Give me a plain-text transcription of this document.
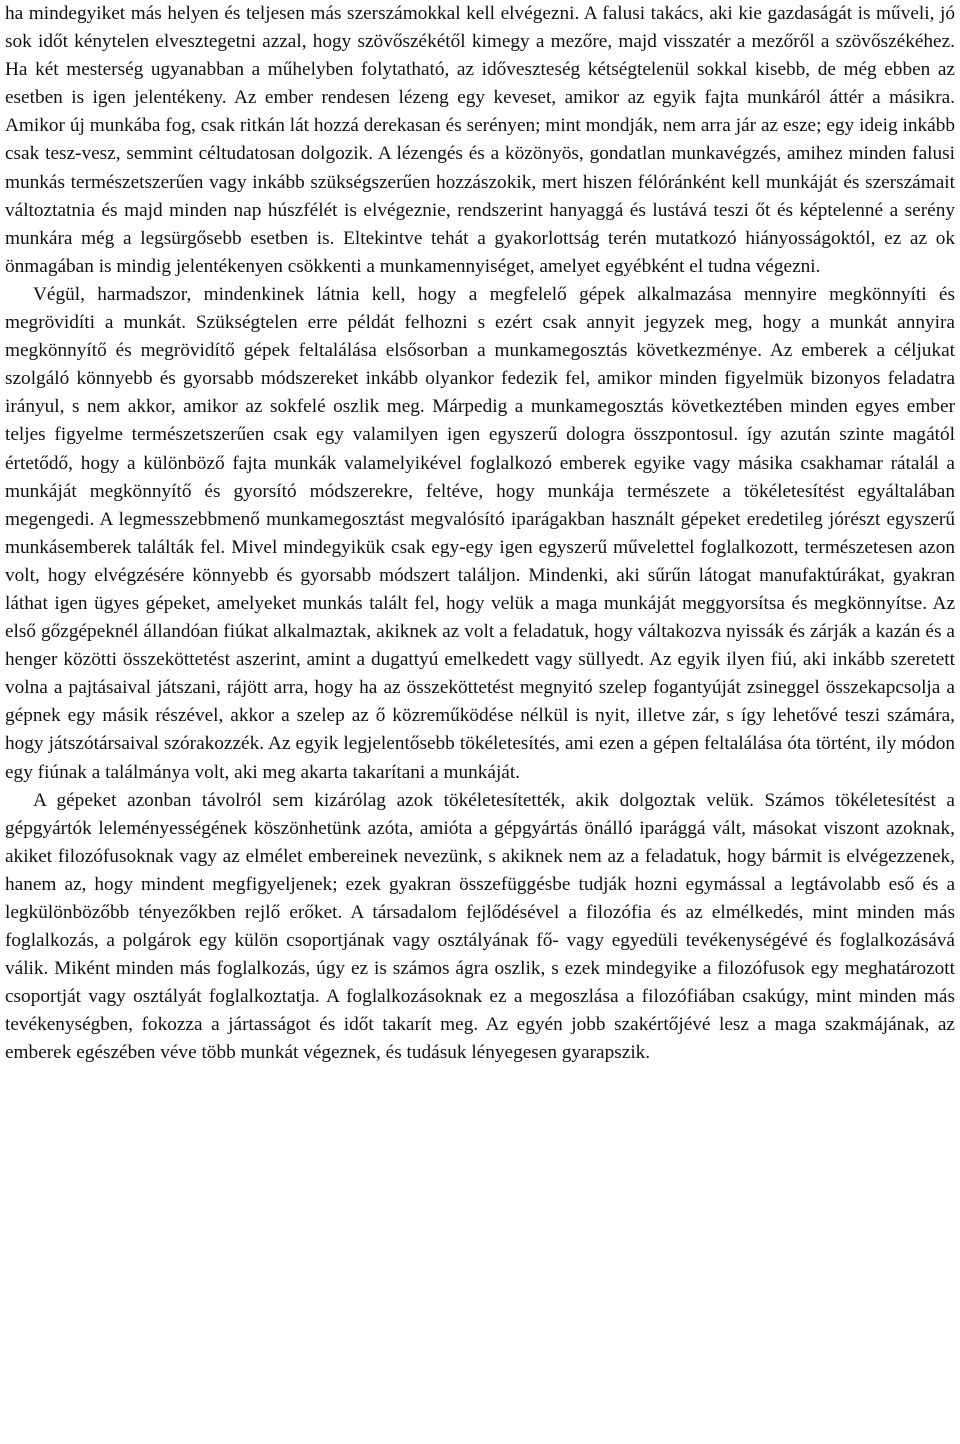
ha mindegyiket más helyen és teljesen más szerszámokkal kell elvégezni. A falusi takács, aki kie gazdaságát is műveli, jó sok időt kénytelen elvesztegetni azzal, hogy szövőszékétől kimegy a mezőre, majd visszatér a mezőről a szövőszékéhez. Ha két mesterség ugyanabban a műhelyben folytatható, az időveszteség kétségtelenül sokkal kisebb, de még ebben az esetben is igen jelentékeny. Az ember rendesen lézeng egy keveset, amikor az egyik fajta munkáról áttér a másikra. Amikor új munkába fog, csak ritkán lát hozzá derekasan és serényen; mint mondják, nem arra jár az esze; egy ideig inkább csak tesz-vesz, semmint céltudatosan dolgozik. A lézengés és a közönyös, gondatlan munkavégzés, amihez minden falusi munkás természetszerűen vagy inkább szükségszerűen hozzászokik, mert hiszen félóránként kell munkáját és szerszámait változtatnia és majd minden nap húszfélét is elvégeznie, rendszerint hanyaggá és lustává teszi őt és képtelenné a serény munkára még a legsürgősebb esetben is. Eltekintve tehát a gyakorlottság terén mutatkozó hiányosságoktól, ez az ok önmagában is mindig jelentékenyen csökkenti a munkamennyiséget, amelyet egyébként el tudna végezni.

Végül, harmadszor, mindenkinek látnia kell, hogy a megfelelő gépek alkalmazása mennyire megkönnyíti és megrövidíti a munkát. Szükségtelen erre példát felhozni s ezért csak annyit jegyzek meg, hogy a munkát annyira megkönnyítő és megrövidítő gépek feltalálása elsősorban a munkamegosztás következménye. Az emberek a céljukat szolgáló könnyebb és gyorsabb módszereket inkább olyankor fedezik fel, amikor minden figyelmük bizonyos feladatra irányul, s nem akkor, amikor az sokfelé oszlik meg. Márpedig a munkamegosztás következtében minden egyes ember teljes figyelme természetszerűen csak egy valamilyen igen egyszerű dologra összpontosul. így azután szinte magától értetődő, hogy a különböző fajta munkák valamelyikével foglalkozó emberek egyike vagy másika csakhamar rátalál a munkáját megkönnyítő és gyorsító módszerekre, feltéve, hogy munkája természete a tökéletesítést egyáltalában megengedi. A legmesszebbmenő munkamegosztást megvalósító iparágakban használt gépeket eredetileg jórészt egyszerű munkásemberek találták fel. Mivel mindegyikük csak egy-egy igen egyszerű művelettel foglalkozott, természetesen azon volt, hogy elvégzésére könnyebb és gyorsabb módszert találjon. Mindenki, aki sűrűn látogat manufaktúrákat, gyakran láthat igen ügyes gépeket, amelyeket munkás talált fel, hogy velük a maga munkáját meggyorsítsa és megkönnyítse. Az első gőzgépeknél állandóan fiúkat alkalmaztak, akiknek az volt a feladatuk, hogy váltakozva nyissák és zárják a kazán és a henger közötti összeköttetést aszerint, amint a dugattyú emelkedett vagy süllyedt. Az egyik ilyen fiú, aki inkább szeretett volna a pajtásaival játszani, rájött arra, hogy ha az összeköttetést megnyitó szelep fogantyúját zsineggel összekapcsolja a gépnek egy másik részével, akkor a szelep az ő közreműködése nélkül is nyit, illetve zár, s így lehetővé teszi számára, hogy játszótársaival szórakozzék. Az egyik legjelentősebb tökéletesítés, ami ezen a gépen feltalálása óta történt, ily módon egy fiúnak a találmánya volt, aki meg akarta takarítani a munkáját.

A gépeket azonban távolról sem kizárólag azok tökéletesítették, akik dolgoztak velük. Számos tökéletesítést a gépgyártók leleményességének köszönhetünk azóta, amióta a gépgyártás önálló iparággá vált, másokat viszont azoknak, akiket filozófusoknak vagy az elmélet embereinek nevezünk, s akiknek nem az a feladatuk, hogy bármit is elvégezzenek, hanem az, hogy mindent megfigyeljenek; ezek gyakran összefüggésbe tudják hozni egymással a legtávolabb eső és a legkülönbözőbb tényezőkben rejlő erőket. A társadalom fejlődésével a filozófia és az elmélkedés, mint minden más foglalkozás, a polgárok egy külön csoportjának vagy osztályának fő- vagy egyedüli tevékenységévé és foglalkozásává válik. Miként minden más foglalkozás, úgy ez is számos ágra oszlik, s ezek mindegyike a filozófusok egy meghatározott csoportját vagy osztályát foglalkoztatja. A foglalkozásoknak ez a megoszlása a filozófiában csakúgy, mint minden más tevékenységben, fokozza a jártasságot és időt takarít meg. Az egyén jobb szakértőjévé lesz a maga szakmájának, az emberek egészében véve több munkát végeznek, és tudásuk lényegesen gyarapszik.
